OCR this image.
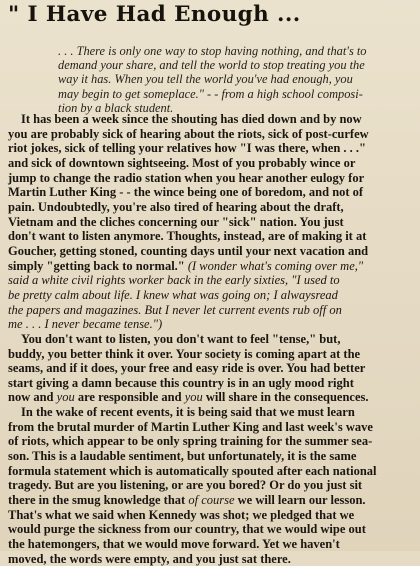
" I Have Had Enough ...
. . . There is only one way to stop having nothing, and that's to
demand your share, and tell the world to stop treating you the
way it has. When you tell the world you've had enough, you
may begin to get someplace." - - from a high school composi-
tion by a black student.
It has been a week since the shouting has died down and by now
you are probably sick of hearing about the riots, sick of post-curfew
riot jokes, sick of telling your relatives how "I was there, when . . ."
and sick of downtown sightseeing. Most of you probably wince or
jump to change the radio station when you hear another eulogy for
Martin Luther King - - the wince being one of boredom, and not of
pain. Undoubtedly, you're also tired of hearing about the draft,
Vietnam and the cliches concerning our "sick" nation. You just
don't want to listen anymore. Thoughts, instead, are of making it at
Goucher, getting stoned, counting days until your next vacation and
simply "getting back to normal." (I wonder what's coming over me,"
said a white civil rights worker back in the early sixties, "I used to
be pretty calm about life. I knew what was going on; I alwaysread
the papers and magazines. But I never let current events rub off on
me . . . I never became tense.")
You don't want to listen, you don't want to feel "tense," but,
buddy, you better think it over. Your society is coming apart at the
seams, and if it does, your free and easy ride is over. You had better
start giving a damn because this country is in an ugly mood right
now and you are responsible and you will share in the consequences.
In the wake of recent events, it is being said that we must learn
from the brutal murder of Martin Luther King and last week's wave
of riots, which appear to be only spring training for the summer sea-
son. This is a laudable sentiment, but unfortunately, it is the same
formula statement which is automatically spouted after each national
tragedy. But are you listening, or are you bored? Or do you just sit
there in the smug knowledge that of course we will learn our lesson.
That's what we said when Kennedy was shot; we pledged that we
would purge the sickness from our country, that we would wipe out
the hatemongers, that we would move forward. Yet we haven't
moved, the words were empty, and you just sat there.
